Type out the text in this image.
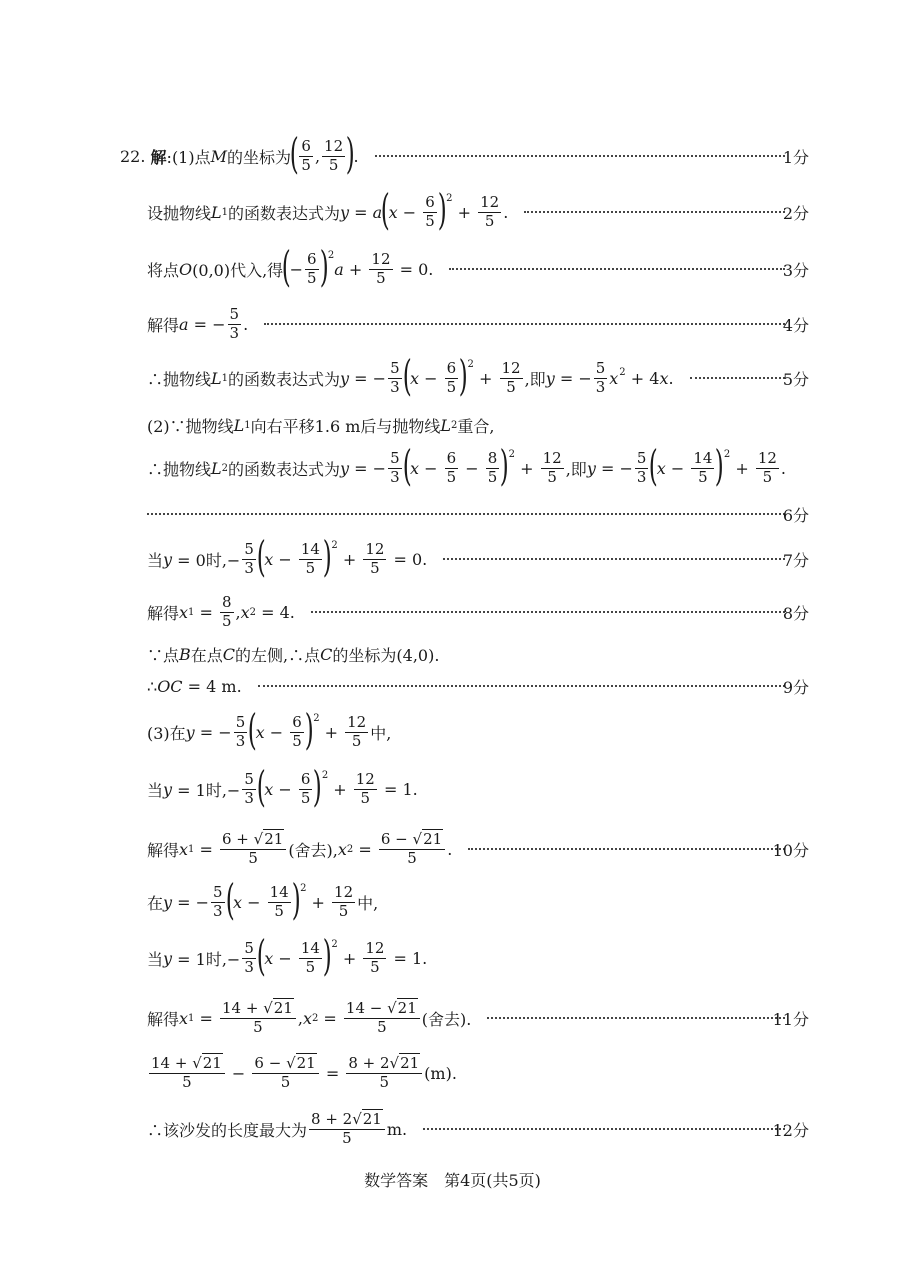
22. 解 :(1)点 M 的坐标为
( $\frac{6}{5}$ , $\frac{12}{5}$ )
.	1分
设抛物线 L 1 的函数表达式为 y = a
(
$x - \frac{6}{5}$ ) 2
+ $\frac{12}{5}$ .	2分
将点 O (0,0)代入,得
(
− $\frac{6}{5}$ ) 2
$a + \frac{12}{5} = 0$.	3分
解得 a = − $\frac{5}{3}$ .	4分
∴抛物线 L 1 的函数表达式为 y = − $\frac{5}{3}$ (
$x - \frac{6}{5}$ ) 2
+ $\frac{12}{5}$ ,即 y = − $\frac{5}{3}$ x 2 + 4 x .	5分
(2)∵抛物线 L 1 向右平移1.6 m后与抛物线 L 2 重合,
∴抛物线 L 2 的函数表达式为 y = − $\frac{5}{3}$ (
$x - \frac{6}{5} - \frac{8}{5}$ ) 2
+ $\frac{12}{5}$ ,即 y = − $\frac{5}{3}$ (
$x - \frac{14}{5}$ ) 2
+ $\frac{12}{5}$ .
6分
当 y = 0时,− $\frac{5}{3}$ (
$x - \frac{14}{5}$ ) 2
+ $\frac{12}{5} = 0$.	7分
解得 x $1 = \frac{8}{5}$ , x 2 = 4.	8分
∵点 B 在点 C 的左侧,∴点 C 的坐标为(4,0).
∴ OC = 4 m.	9分
(3)在 y = − $\frac{5}{3}$ (
$x - \frac{6}{5}$ ) 2
+ $\frac{12}{5}$ 中,
当 y = 1时,− $\frac{5}{3}$ (
$x - \frac{6}{5}$ ) 2
+ $\frac{12}{5} = 1$.
解得 x $1 = \frac{6 + √21}{5}$ (舍去), x $2 = \frac{6 - √21}{5}$ .	10分
在 y = − $\frac{5}{3}$ (
$x - \frac{14}{5}$ ) 2
+ $\frac{12}{5}$ 中,
当 y = 1时,− $\frac{5}{3}$ (
$x - \frac{14}{5}$ ) 2
+ $\frac{12}{5} = 1$.
解得 x $1 = \frac{14 + √21}{5}$ , x $2 = \frac{14 - √21}{5}$ (舍去).	11分
$\frac{14 + √21}{5} - \frac{6 - √21}{5} = \frac{8 + 2√21}{5} (m)$.
∴该沙发的长度最大为 $\frac{8 + 2√21}{5} m$.	12分
数学答案　第4页(共5页)
